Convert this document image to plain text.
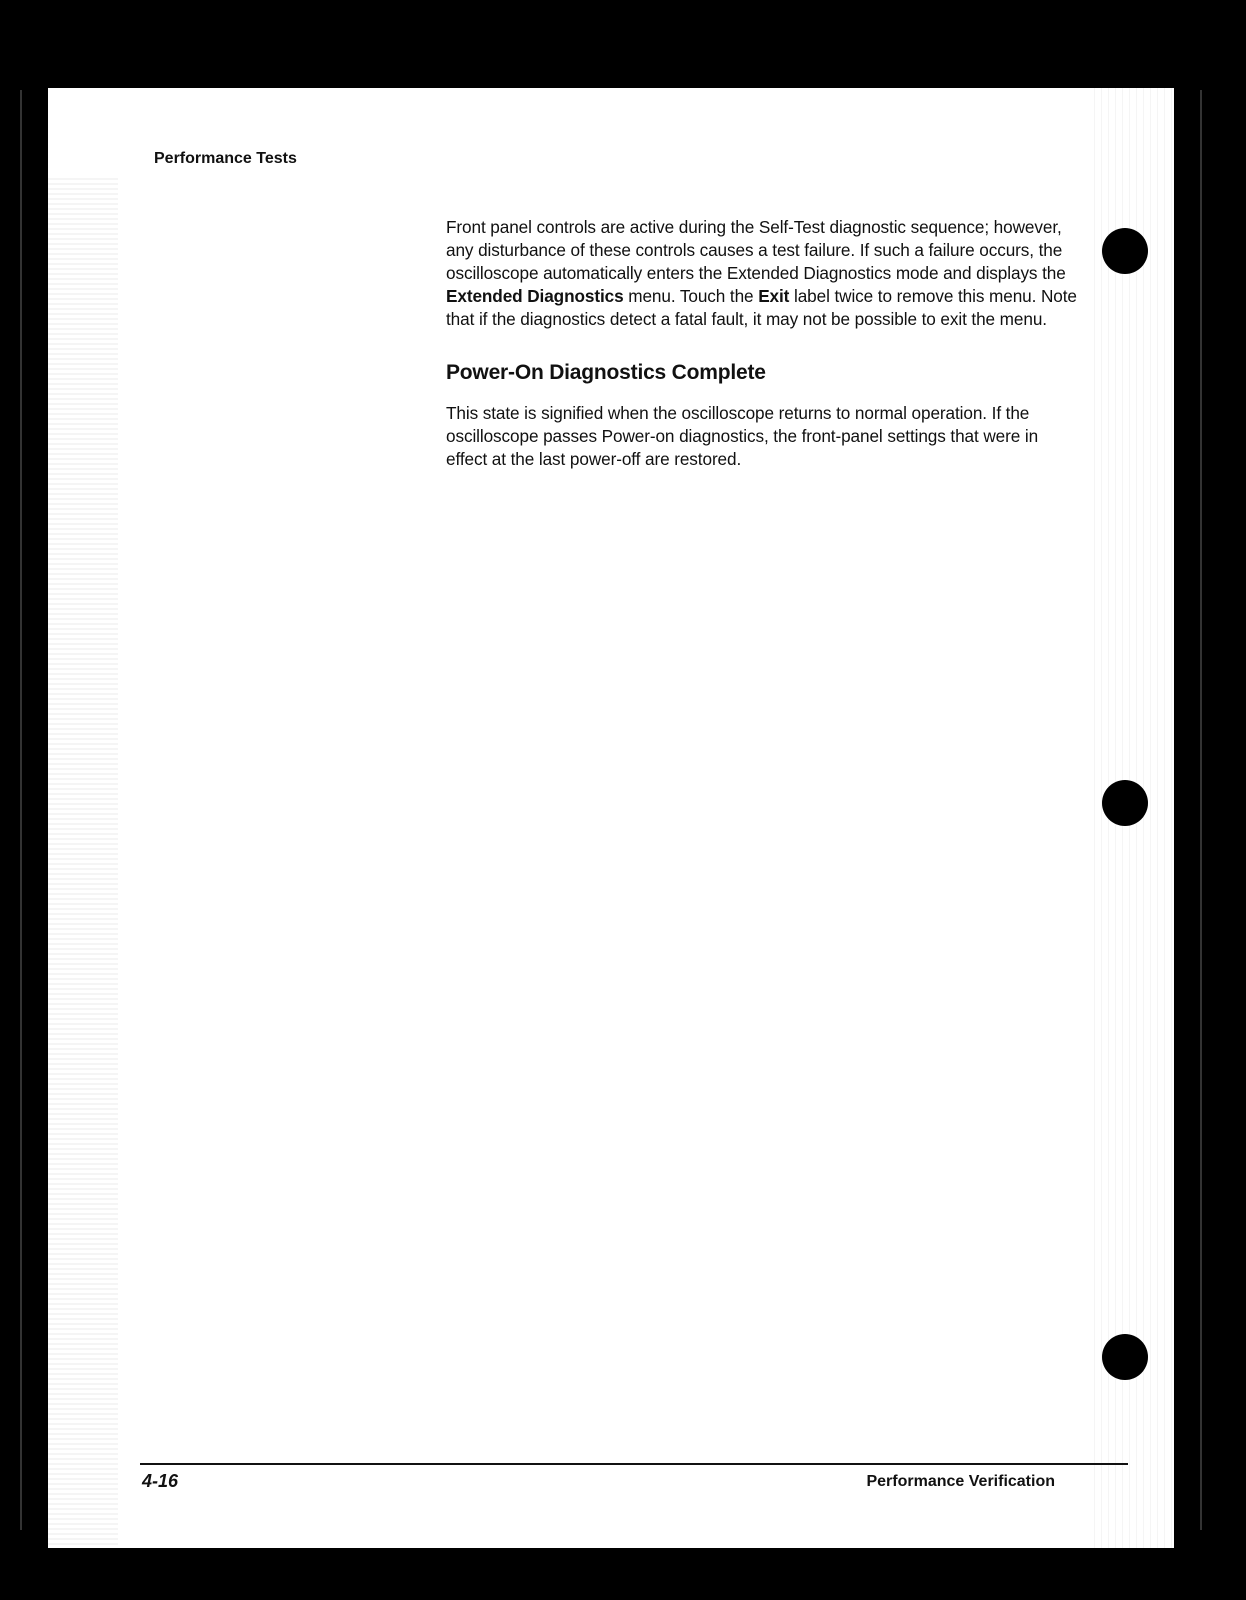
Performance Tests

Front panel controls are active during the Self-Test diagnostic sequence; however, any disturbance of these controls causes a test failure. If such a failure occurs, the oscilloscope automatically enters the Extended Diagnostics mode and displays the Extended Diagnostics menu. Touch the Exit label twice to remove this menu. Note that if the diagnostics detect a fatal fault, it may not be possible to exit the menu.

Power-On Diagnostics Complete

This state is signified when the oscilloscope returns to normal operation. If the oscilloscope passes Power-on diagnostics, the front-panel settings that were in effect at the last power-off are restored.

4-16	Performance Verification
